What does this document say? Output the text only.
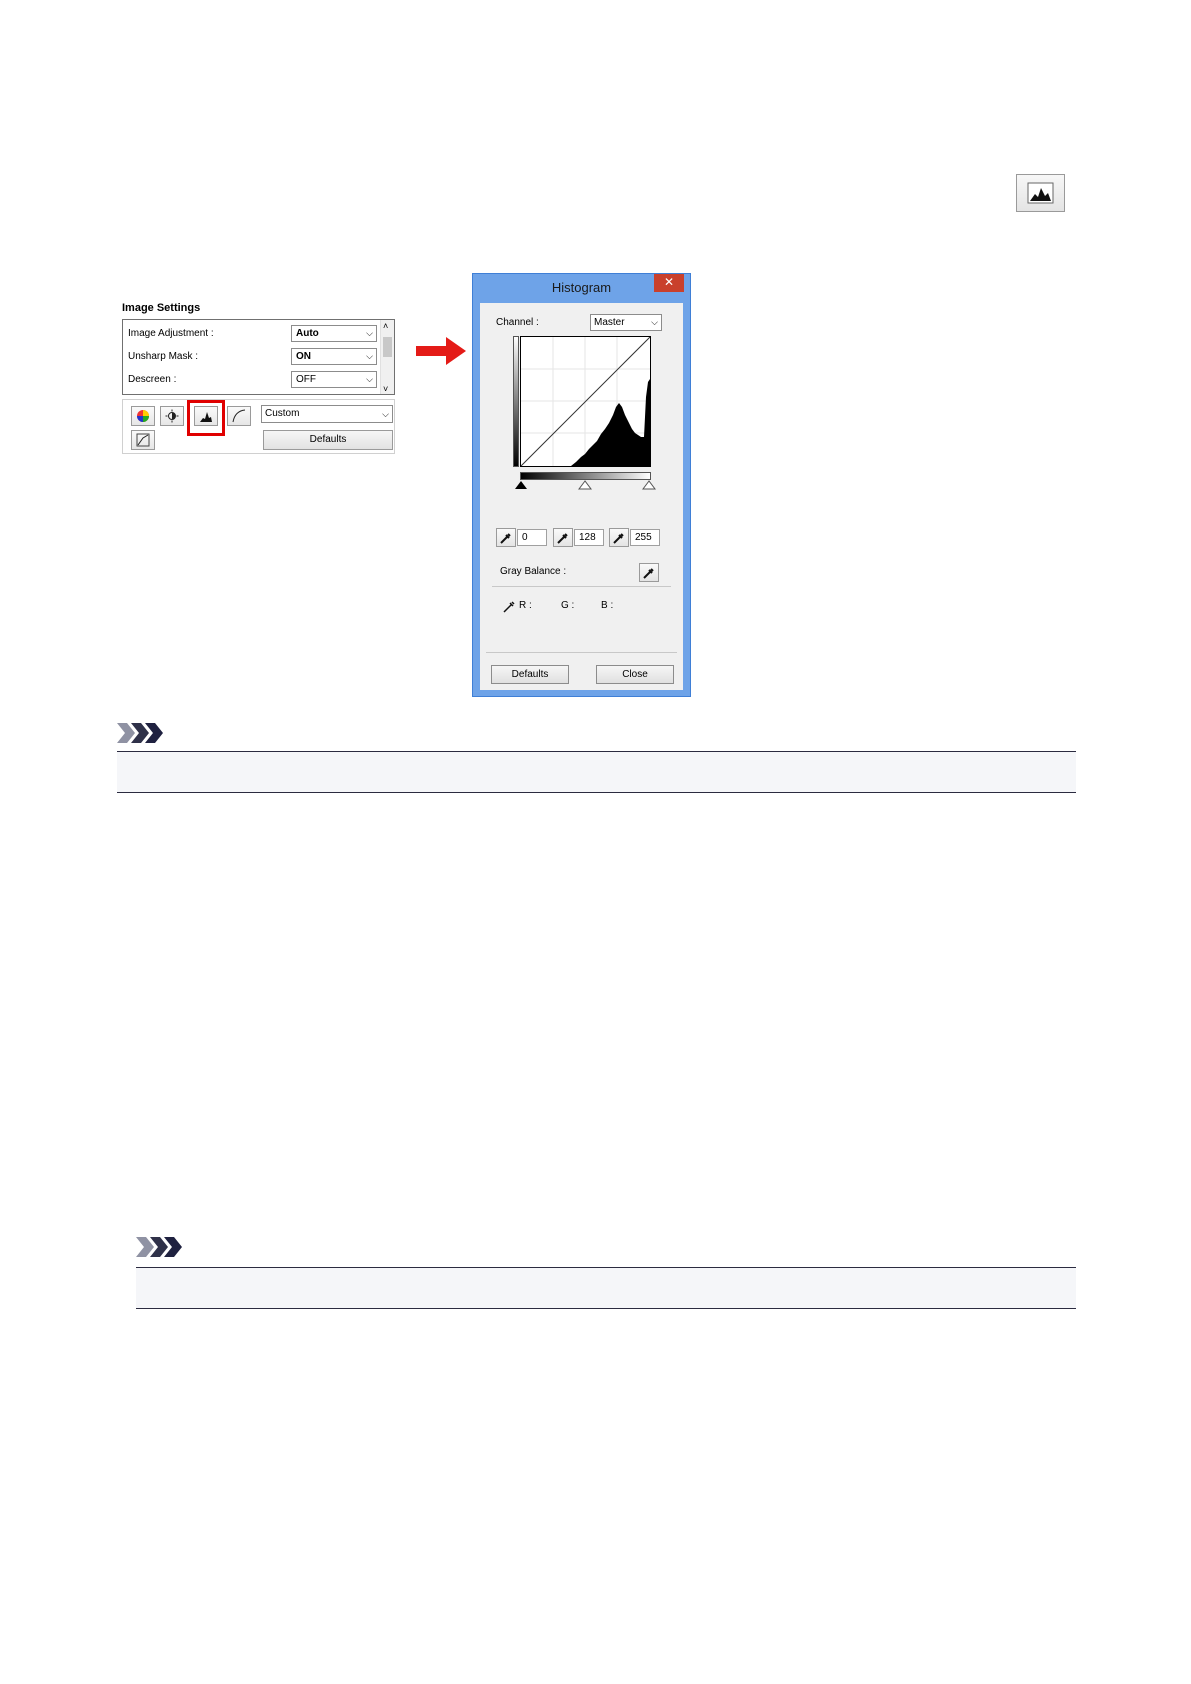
Image Settings
Image Adjustment :	Auto	⌵
Unsharp Mask :	ON	⌵
Descreen :	OFF	⌵
˄
˅
Custom	⌵
Defaults
Histogram	✕
Channel :	Master	⌵
0	128	255
Gray Balance :
R :	G :	B :
Defaults	Close
